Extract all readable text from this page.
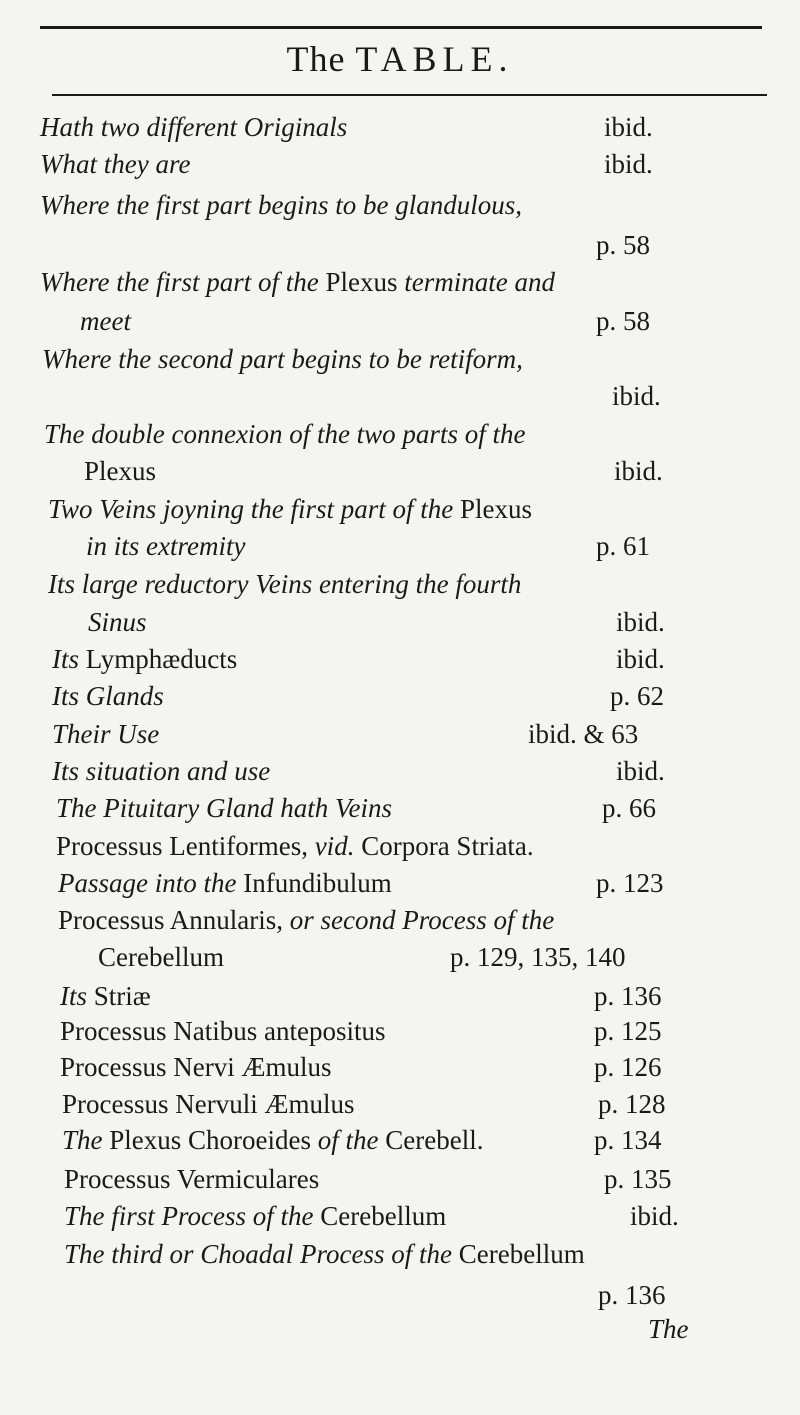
The TABLE.
Hath two different Originals	ibid.
What they are	ibid.
Where the first part begins to be glandulous,
p. 58
Where the first part of the Plexus terminate and
meet	p. 58
Where the second part begins to be retiform,
ibid.
The double connexion of the two parts of the
Plexus	ibid.
Two Veins joyning the first part of the Plexus
in its extremity	p. 61
Its large reductory Veins entering the fourth
Sinus	ibid.
Its Lymphæducts	ibid.
Its Glands	p. 62
Their Use	ibid. & 63
Its situation and use	ibid.
The Pituitary Gland hath Veins	p. 66
Processus Lentiformes, vid. Corpora Striata.
Passage into the Infundibulum	p. 123
Processus Annularis, or second Process of the
Cerebellum	p. 129, 135, 140
Its Striæ	p. 136
Processus Natibus antepositus	p. 125
Processus Nervi Æmulus	p. 126
Processus Nervuli Æmulus	p. 128
The Plexus Choroeides of the Cerebell.	p. 134
Processus Vermiculares	p. 135
The first Process of the Cerebellum	ibid.
The third or Choadal Process of the Cerebellum
p. 136
The
